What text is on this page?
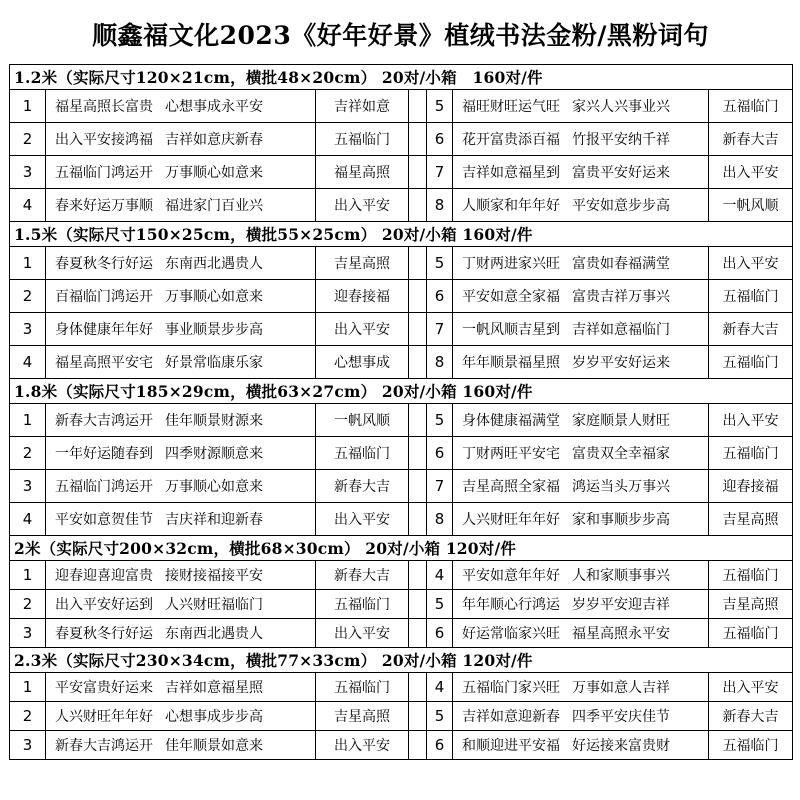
顺鑫福文化2023《好年好景》植绒书法金粉/黑粉词句
1.2米（实际尺寸120×21cm，横批48×20cm） 20对/小箱　160对/件						
1	福星高照长富贵 心想事成永平安	吉祥如意		5	福旺财旺运气旺 家兴人兴事业兴	五福临门
2	出入平安接鸿福 吉祥如意庆新春	五福临门		6	花开富贵添百福 竹报平安纳千祥	新春大吉
3	五福临门鸿运开 万事顺心如意来	福星高照		7	吉祥如意福星到 富贵平安好运来	出入平安
4	春来好运万事顺 福进家门百业兴	出入平安		8	人顺家和年年好 平安如意步步高	一帆风顺
1.5米（实际尺寸150×25cm，横批55×25cm） 20对/小箱 160对/件						
1	春夏秋冬行好运 东南西北遇贵人	吉星高照		5	丁财两进家兴旺 富贵如春福满堂	出入平安
2	百福临门鸿运开 万事顺心如意来	迎春接福		6	平安如意全家福 富贵吉祥万事兴	五福临门
3	身体健康年年好 事业顺景步步高	出入平安		7	一帆风顺吉星到 吉祥如意福临门	新春大吉
4	福星高照平安宅 好景常临康乐家	心想事成		8	年年顺景福星照 岁岁平安好运来	五福临门
1.8米（实际尺寸185×29cm，横批63×27cm） 20对/小箱 160对/件						
1	新春大吉鸿运开 佳年顺景财源来	一帆风顺		5	身体健康福满堂 家庭顺景人财旺	出入平安
2	一年好运随春到 四季财源顺意来	五福临门		6	丁财两旺平安宅 富贵双全幸福家	五福临门
3	五福临门鸿运开 万事顺心如意来	新春大吉		7	吉星高照全家福 鸿运当头万事兴	迎春接福
4	平安如意贺佳节 吉庆祥和迎新春	出入平安		8	人兴财旺年年好 家和事顺步步高	吉星高照
2米（实际尺寸200×32cm，横批68×30cm） 20对/小箱 120对/件						
1	迎春迎喜迎富贵 接财接福接平安	新春大吉		4	平安如意年年好 人和家顺事事兴	五福临门
2	出入平安好运到 人兴财旺福临门	五福临门		5	年年顺心行鸿运 岁岁平安迎吉祥	吉星高照
3	春夏秋冬行好运 东南西北遇贵人	出入平安		6	好运常临家兴旺 福星高照永平安	五福临门
2.3米（实际尺寸230×34cm，横批77×33cm） 20对/小箱 120对/件						
1	平安富贵好运来 吉祥如意福星照	五福临门		4	五福临门家兴旺 万事如意人吉祥	出入平安
2	人兴财旺年年好 心想事成步步高	吉星高照		5	吉祥如意迎新春 四季平安庆佳节	新春大吉
3	新春大吉鸿运开 佳年顺景如意来	出入平安		6	和顺迎进平安福 好运接来富贵财	五福临门
